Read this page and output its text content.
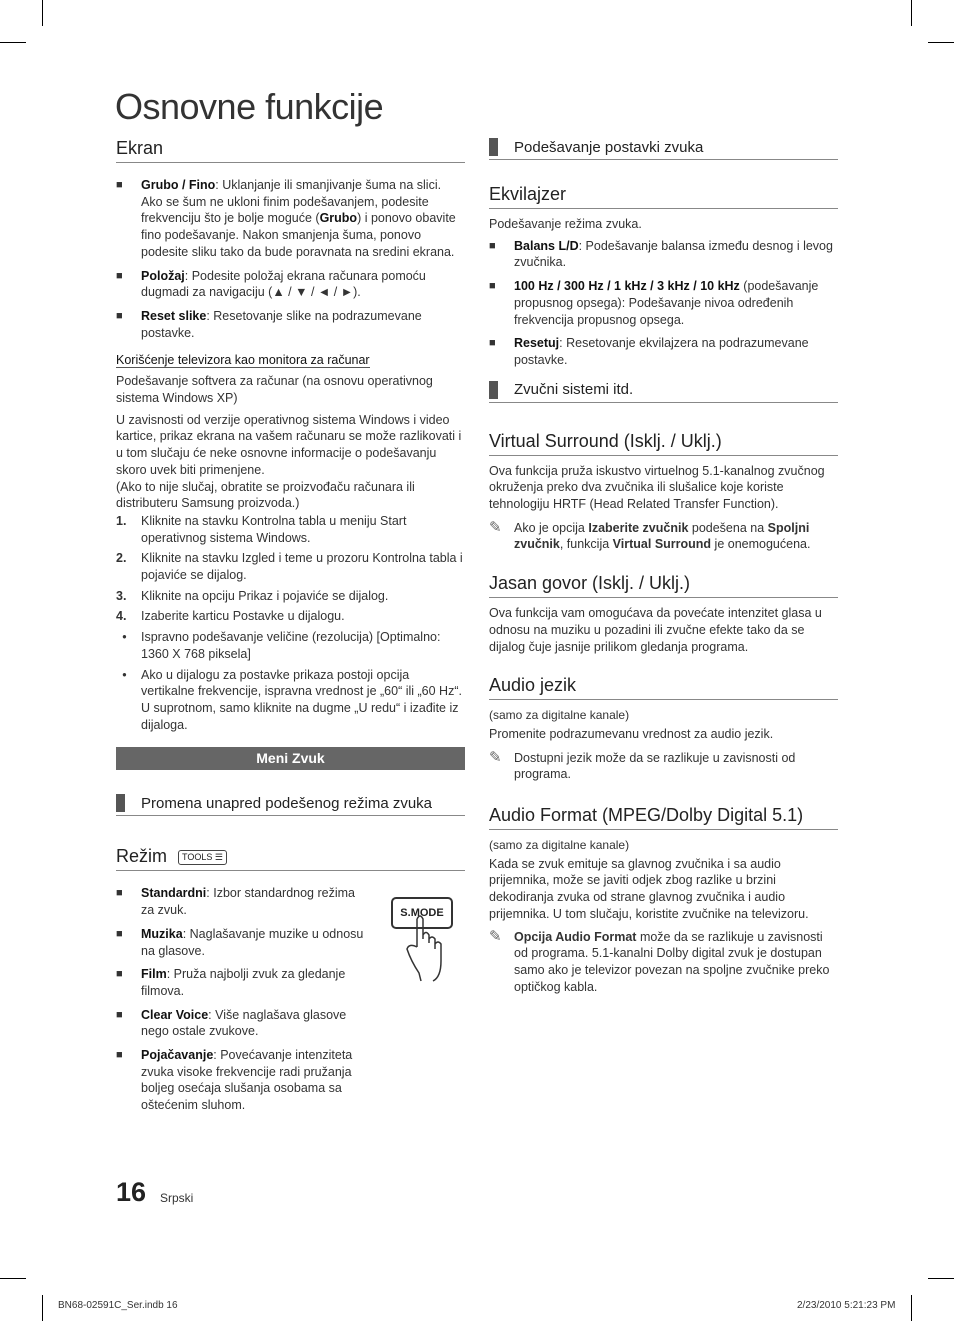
Osnovne funkcije
Ekran
■	Grubo / Fino: Uklanjanje ili smanjivanje šuma na slici. Ako se šum ne ukloni finim podešavanjem, podesite frekvenciju što je bolje moguće (Grubo) i ponovo obavite fino podešavanje. Nakon smanjenja šuma, ponovo podesite sliku tako da bude poravnata na sredini ekrana.
■	Položaj: Podesite položaj ekrana računara pomoću dugmadi za navigaciju (▲ / ▼ / ◄ / ►).
■	Reset slike: Resetovanje slike na podrazumevane postavke.
Korišćenje televizora kao monitora za računar

Podešavanje softvera za računar (na osnovu operativnog sistema Windows XP)

U zavisnosti od verzije operativnog sistema Windows i video kartice, prikaz ekrana na vašem računaru se može razlikovati i u tom slučaju će neke osnovne informacije o podešavanju skoro uvek biti primenjene.

(Ako to nije slučaj, obratite se proizvođaču računara ili distributeru Samsung proizvoda.)

1.	Kliknite na stavku Kontrolna tabla u meniju Start operativnog sistema Windows.
2.	Kliknite na stavku Izgled i teme u prozoru Kontrolna tabla i pojaviće se dijalog.
3.	Kliknite na opciju Prikaz i pojaviće se dijalog.
4.	Izaberite karticu Postavke u dijalogu.
•	Ispravno podešavanje veličine (rezolucija) [Optimalno: 1360 X 768 piksela]
•	Ako u dijalogu za postavke prikaza postoji opcija vertikalne frekvencije, ispravna vrednost je „60“ ili „60 Hz“. U suprotnom, samo kliknite na dugme „U redu“ i izađite iz dijaloga.
Meni Zvuk
Promena unapred podešenog režima zvuka
Režim TOOLS ☰
S.MODE
■	Standardni: Izbor standardnog režima za zvuk.
■	Muzika: Naglašavanje muzike u odnosu na glasove.
■	Film: Pruža najbolji zvuk za gledanje filmova.
■	Clear Voice: Više naglašava glasove nego ostale zvukove.
■	Pojačavanje: Povećavanje intenziteta zvuka visoke frekvencije radi pružanja boljeg osećaja slušanja osobama sa oštećenim sluhom.
Podešavanje postavki zvuka
Ekvilajzer

Podešavanje režima zvuka.

■	Balans L/D: Podešavanje balansa između desnog i levog zvučnika.
■	100 Hz / 300 Hz / 1 kHz / 3 kHz / 10 kHz (podešavanje propusnog opsega): Podešavanje nivoa određenih frekvencija propusnog opsega.
■	Resetuj: Resetovanje ekvilajzera na podrazumevane postavke.
Zvučni sistemi itd.
Virtual Surround (Isklj. / Uklj.)

Ova funkcija pruža iskustvo virtuelnog 5.1-kanalnog zvučnog okruženja preko dva zvučnika ili slušalice koje koriste tehnologiju HRTF (Head Related Transfer Function).

✎ Ako je opcija Izaberite zvučnik podešena na Spoljni zvučnik, funkcija Virtual Surround je onemogućena.
Jasan govor (Isklj. / Uklj.)

Ova funkcija vam omogućava da povećate intenzitet glasa u odnosu na muziku u pozadini ili zvučne efekte tako da se dijalog čuje jasnije prilikom gledanja programa.

Audio jezik

(samo za digitalne kanale)

Promenite podrazumevanu vrednost za audio jezik.

✎ Dostupni jezik može da se razlikuje u zavisnosti od programa.
Audio Format (MPEG/Dolby Digital 5.1)

(samo za digitalne kanale)

Kada se zvuk emituje sa glavnog zvučnika i sa audio prijemnika, može se javiti odjek zbog razlike u brzini dekodiranja zvuka od strane glavnog zvučnika i audio prijemnika. U tom slučaju, koristite zvučnike na televizoru.

✎ Opcija Audio Format može da se razlikuje u zavisnosti od programa. 5.1-kanalni Dolby digital zvuk je dostupan samo ako je televizor povezan na spoljne zvučnike preko optičkog kabla.
16 Srpski
BN68-02591C_Ser.indb 16	2/23/2010 5:21:23 PM
